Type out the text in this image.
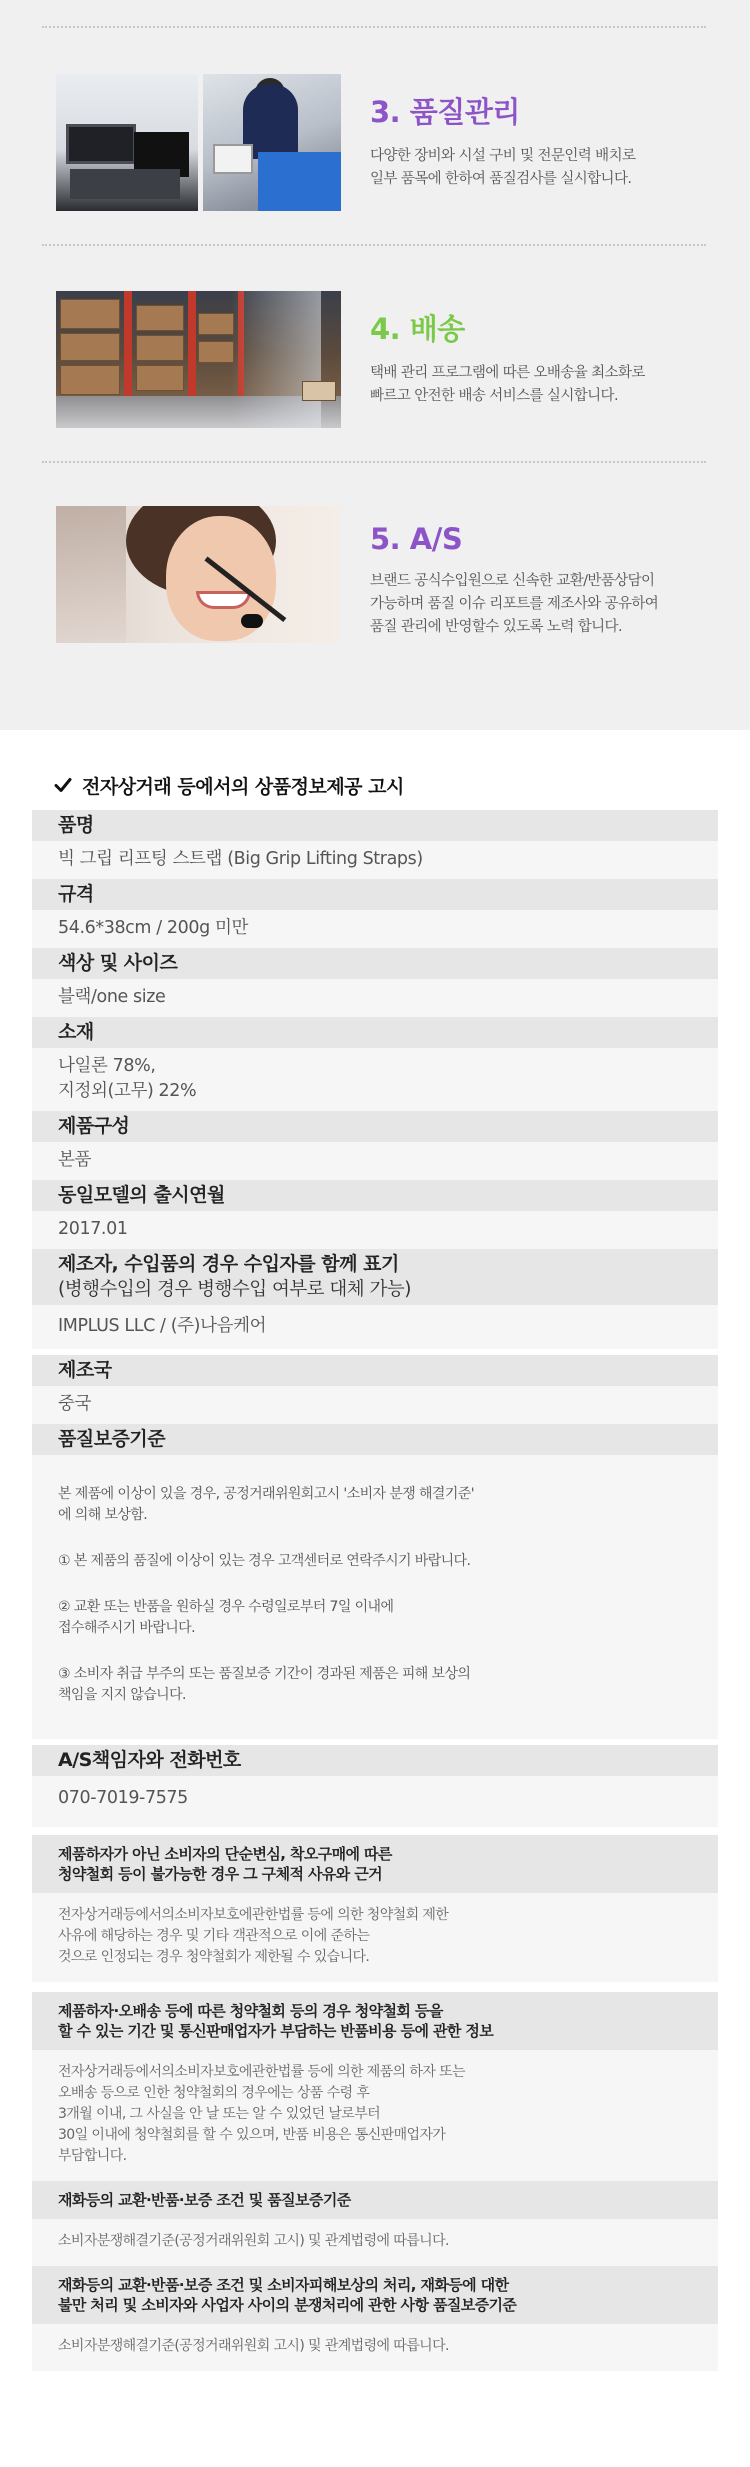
3. 품질관리
다양한 장비와 시설 구비 및 전문인력 배치로
일부 품목에 한하여 품질검사를 실시합니다.
4. 배송
택배 관리 프로그램에 따른 오배송율 최소화로
빠르고 안전한 배송 서비스를 실시합니다.
5. A/S
브랜드 공식수입원으로 신속한 교환/반품상담이
가능하며 품질 이슈 리포트를 제조사와 공유하여
품질 관리에 반영할수 있도록 노력 합니다.
전자상거래 등에서의 상품정보제공 고시
품명
빅 그립 리프팅 스트랩 (Big Grip Lifting Straps)
규격
54.6*38cm / 200g 미만
색상 및 사이즈
블랙/one size
소재
나일론 78%,
지정외(고무) 22%
제품구성
본품
동일모델의 출시연월
2017.01
제조자, 수입품의 경우 수입자를 함께 표기
(병행수입의 경우 병행수입 여부로 대체 가능)
IMPLUS LLC / (주)나음케어
제조국
중국
품질보증기준

본 제품에 이상이 있을 경우, 공정거래위원회고시 '소비자 분쟁 해결기준'
에 의해 보상함.

① 본 제품의 품질에 이상이 있는 경우 고객센터로 연락주시기 바랍니다.

② 교환 또는 반품을 원하실 경우 수령일로부터 7일 이내에
접수해주시기 바랍니다.

③ 소비자 취급 부주의 또는 품질보증 기간이 경과된 제품은 피해 보상의
책임을 지지 않습니다.

A/S책임자와 전화번호
070-7019-7575
제품하자가 아닌 소비자의 단순변심, 착오구매에 따른
청약철회 등이 불가능한 경우 그 구체적 사유와 근거
전자상거래등에서의소비자보호에관한법률 등에 의한 청약철회 제한
사유에 해당하는 경우 및 기타 객관적으로 이에 준하는
것으로 인정되는 경우 청약철회가 제한될 수 있습니다.
제품하자·오배송 등에 따른 청약철회 등의 경우 청약철회 등을
할 수 있는 기간 및 통신판매업자가 부담하는 반품비용 등에 관한 정보
전자상거래등에서의소비자보호에관한법률 등에 의한 제품의 하자 또는
오배송 등으로 인한 청약철회의 경우에는 상품 수령 후
3개월 이내, 그 사실을 안 날 또는 알 수 있었던 날로부터
30일 이내에 청약철회를 할 수 있으며, 반품 비용은 통신판매업자가
부담합니다.
재화등의 교환·반품·보증 조건 및 품질보증기준
소비자분쟁해결기준(공정거래위원회 고시) 및 관계법령에 따릅니다.
재화등의 교환·반품·보증 조건 및 소비자피해보상의 처리, 재화등에 대한
불만 처리 및 소비자와 사업자 사이의 분쟁처리에 관한 사항 품질보증기준
소비자분쟁해결기준(공정거래위원회 고시) 및 관계법령에 따릅니다.
